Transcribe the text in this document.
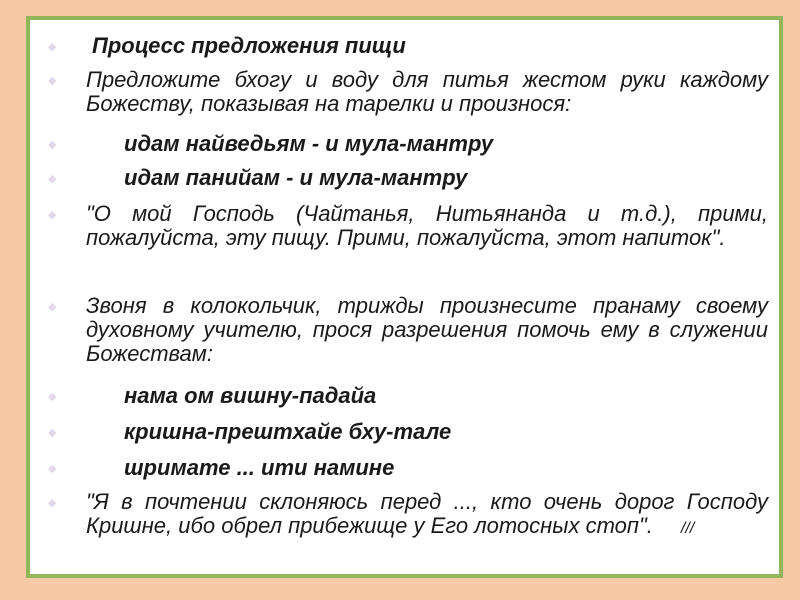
◆ Процесс предложения пищи
◆ Предложите бхогу и воду для питья жестом руки каждому Божеству, показывая на тарелки и произнося:
◆	идам найведьям - и мула-мантру
◆	идам панийам - и мула-мантру
◆ "О мой Господь (Чайтанья, Нитьянанда и т.д.), прими, пожалуйста, эту пищу. Прими, пожалуйста, этот напиток".
◆ Звоня в колокольчик, трижды произнесите пранаму своему духовному учителю, прося разрешения помочь ему в служении Божествам:
◆	нама ом вишну-падайа
◆	кришна-прештхайе бху-тале
◆	шримате ... ити намине
◆ "Я в почтении склоняюсь перед ..., кто очень дорог Господу Кришне, ибо обрел прибежище у Его лотосных стоп". ///
